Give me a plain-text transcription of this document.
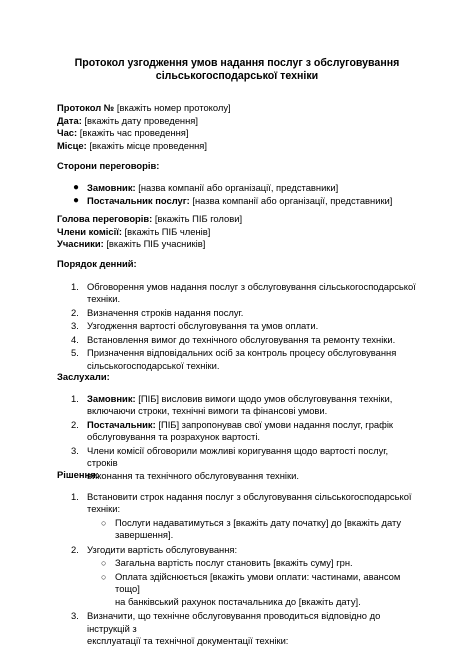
Протокол узгодження умов надання послуг з обслуговування
сільськогосподарської техніки
Протокол № [вкажіть номер протоколу]
Дата: [вкажіть дату проведення]
Час: [вкажіть час проведення]
Місце: [вкажіть місце проведення]
Сторони переговорів:
● Замовник: [назва компанії або організації, представники]
● Постачальник послуг: [назва компанії або організації, представники]
Голова переговорів: [вкажіть ПІБ голови]
Члени комісії: [вкажіть ПІБ членів]
Учасники: [вкажіть ПІБ учасників]
Порядок денний:
1. Обговорення умов надання послуг з обслуговування сільськогосподарської
техніки.
2. Визначення строків надання послуг.
3. Узгодження вартості обслуговування та умов оплати.
4. Встановлення вимог до технічного обслуговування та ремонту техніки.
5. Призначення відповідальних осіб за контроль процесу обслуговування
сільськогосподарської техніки.
Заслухали:
1. Замовник: [ПІБ] висловив вимоги щодо умов обслуговування техніки,
включаючи строки, технічні вимоги та фінансові умови.
2. Постачальник: [ПІБ] запропонував свої умови надання послуг, графік
обслуговування та розрахунок вартості.
3. Члени комісії обговорили можливі коригування щодо вартості послуг, строків
виконання та технічного обслуговування техніки.
Рішення:
1. Встановити строк надання послуг з обслуговування сільськогосподарської
техніки:
○ Послуги надаватимуться з [вкажіть дату початку] до [вкажіть дату
завершення].
2. Узгодити вартість обслуговування:
○ Загальна вартість послуг становить [вкажіть суму] грн.
○ Оплата здійснюється [вкажіть умови оплати: частинами, авансом тощо]
на банківський рахунок постачальника до [вкажіть дату].
3. Визначити, що технічне обслуговування проводиться відповідно до інструкцій з
експлуатації та технічної документації техніки:
